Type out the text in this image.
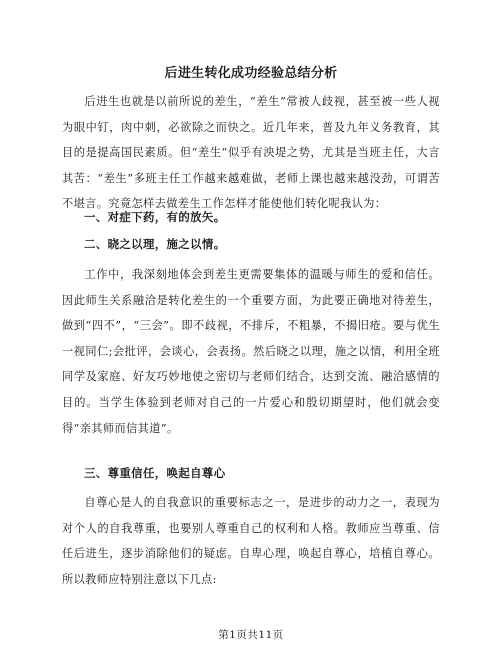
后进生转化成功经验总结分析
后进生也就是以前所说的差生，“差生”常被人歧视，甚至被一些人视为眼中钉，肉中刺，必欲除之而快之。近几年来，普及九年义务教育，其目的是提高国民素质。但“差生”似乎有泱堤之势，尤其是当班主任，大言其苦：“差生”多班主任工作越来越难做，老师上课也越来越没劲，可谓苦不堪言。究竟怎样去做差生工作怎样才能使他们转化呢我认为：
一、对症下药，有的放矢。
二、晓之以理，施之以情。
工作中，我深刻地体会到差生更需要集体的温暖与师生的爱和信任。因此师生关系融洽是转化差生的一个重要方面，为此要正确地对待差生，做到“四不”，“三会”。即不歧视，不排斥，不粗暴，不揭旧疮。要与优生一视同仁;会批评，会谈心，会表扬。然后晓之以理，施之以情，利用全班同学及家庭、好友巧妙地使之密切与老师们结合，达到交流、融洽感情的目的。当学生体验到老师对自己的一片爱心和殷切期望时，他们就会变得“亲其师而信其道”。
三、尊重信任，唤起自尊心
自尊心是人的自我意识的重要标志之一，是进步的动力之一，表现为对个人的自我尊重，也要别人尊重自己的权利和人格。教师应当尊重、信任后进生，逐步消除他们的疑虑。自卑心理，唤起自尊心，培植自尊心。所以教师应特别注意以下几点:
第1页共11页
